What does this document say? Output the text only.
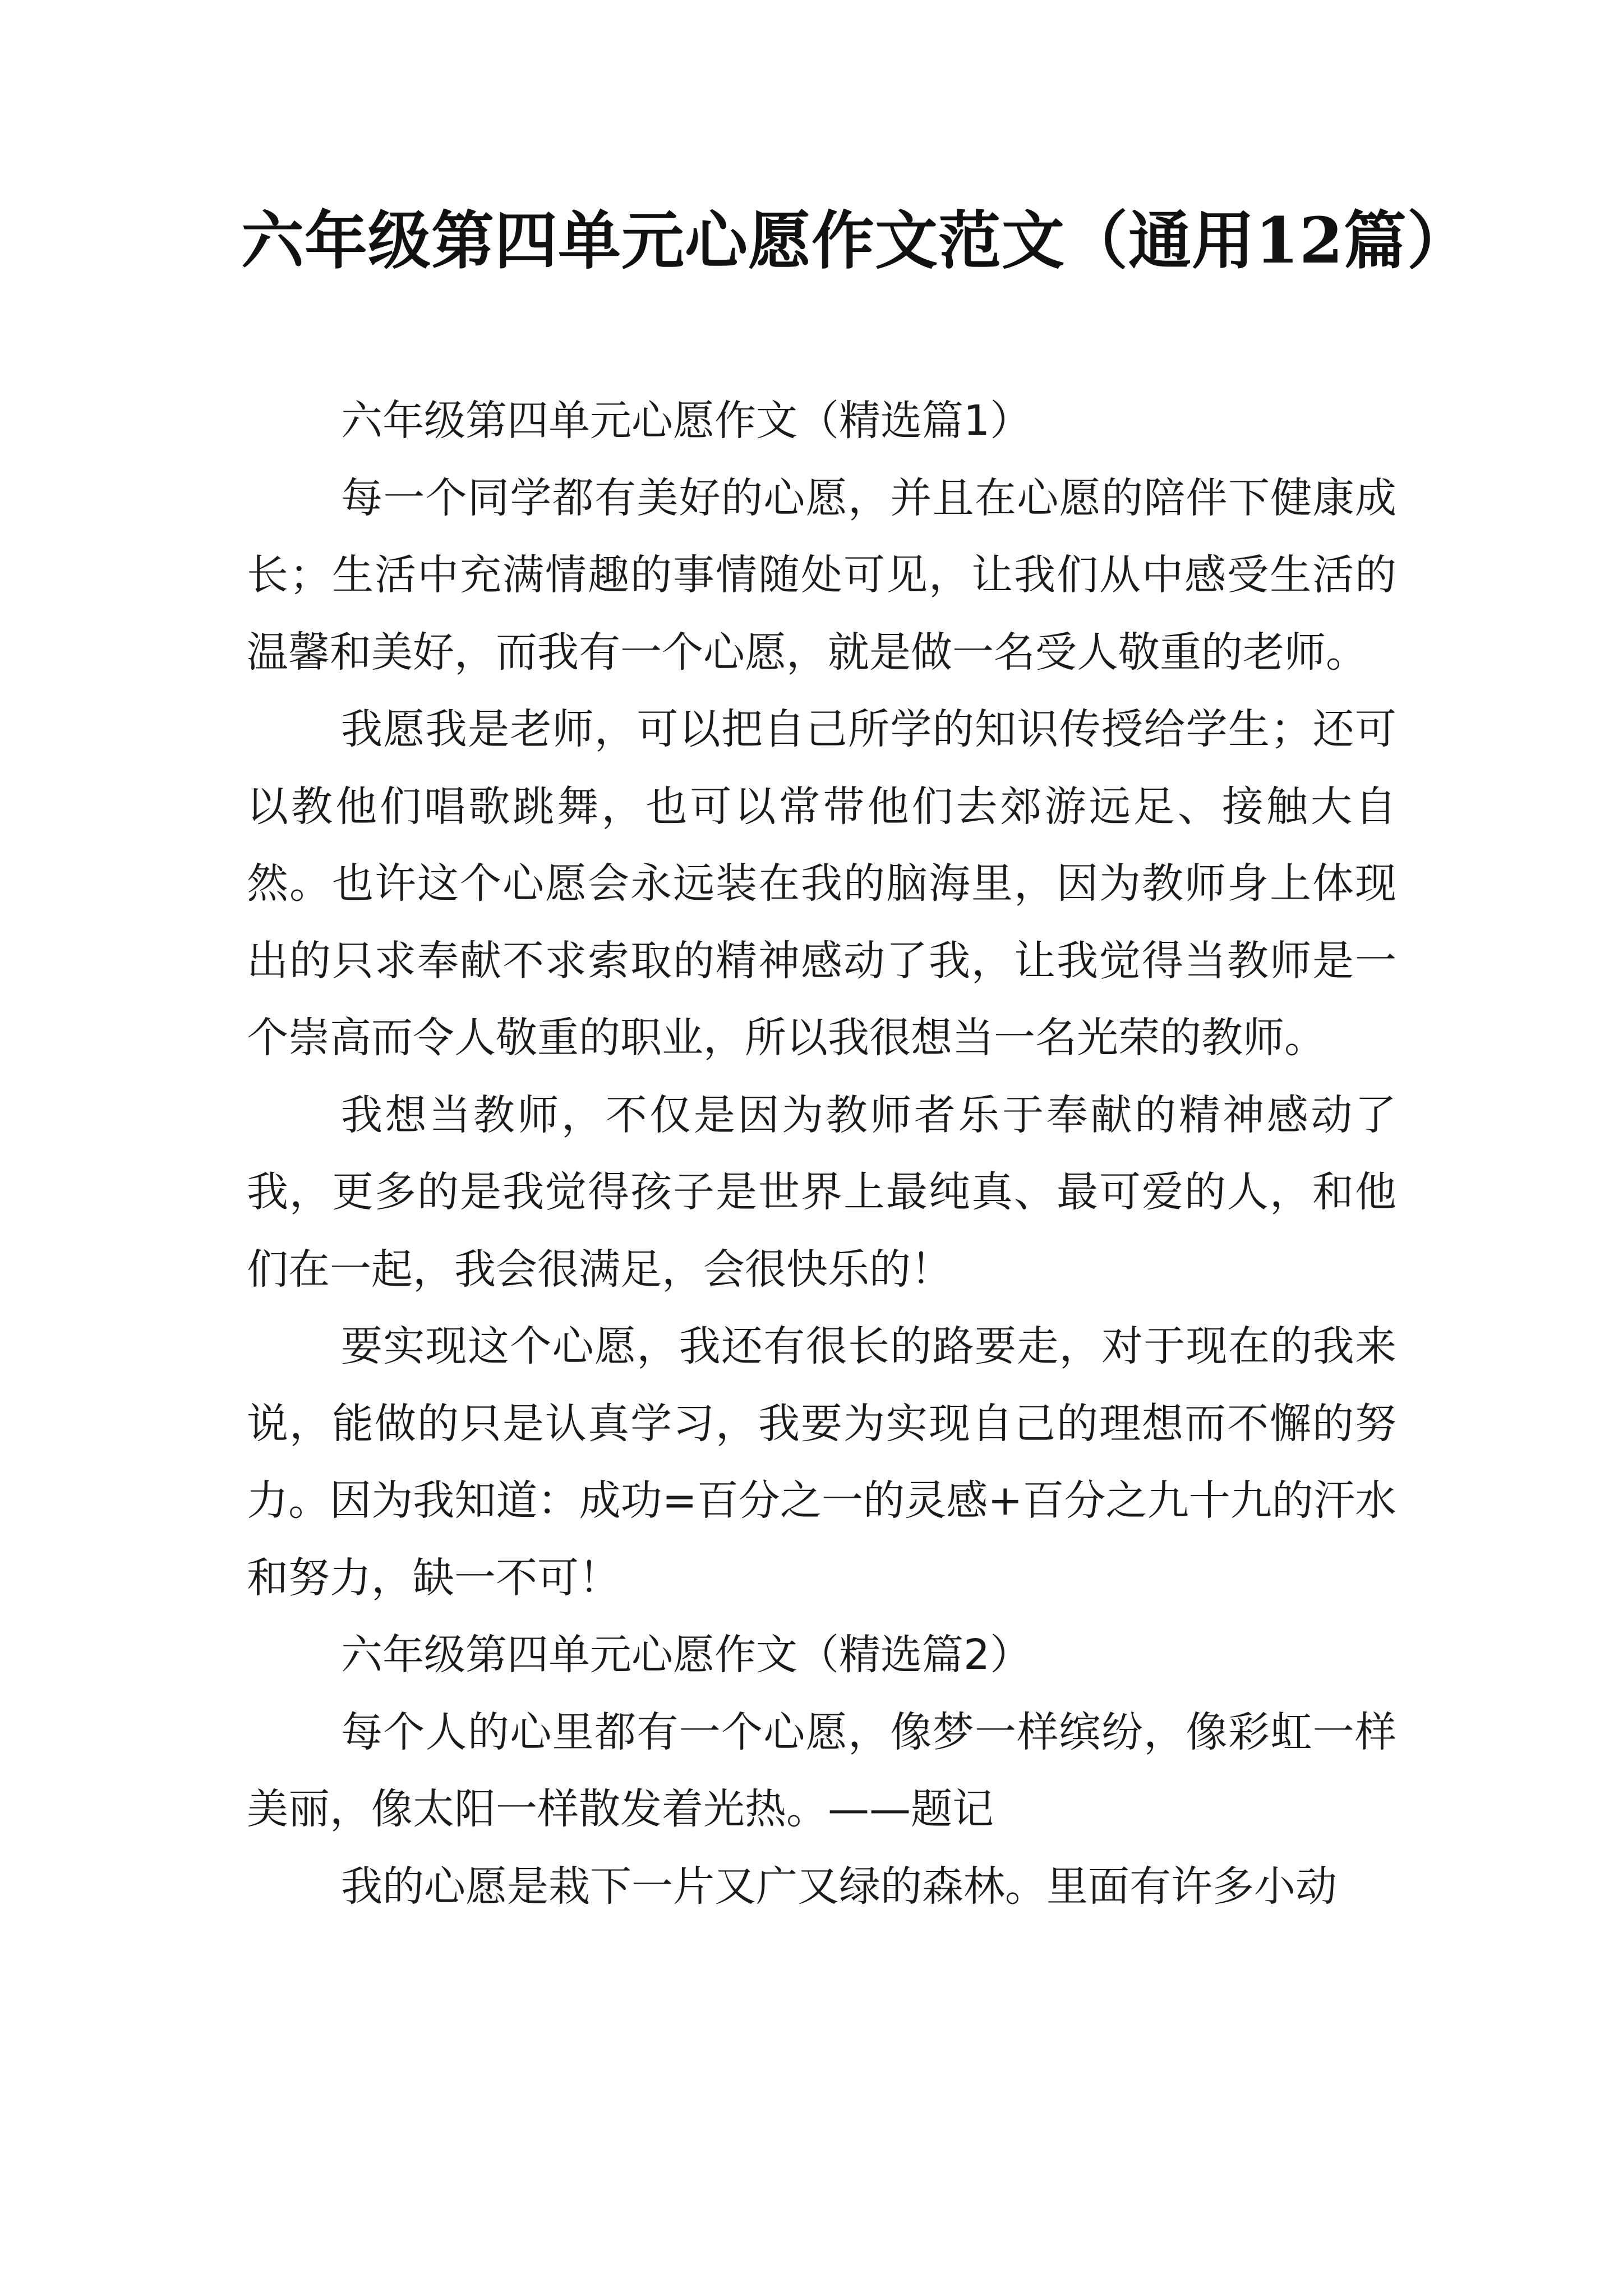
六年级第四单元心愿作文范文（通用12篇）

六年级第四单元心愿作文（精选篇1）

每一个同学都有美好的心愿，并且在心愿的陪伴下健康成长；生活中充满情趣的事情随处可见，让我们从中感受生活的温馨和美好，而我有一个心愿，就是做一名受人敬重的老师。

我愿我是老师，可以把自己所学的知识传授给学生；还可以教他们唱歌跳舞，也可以常带他们去郊游远足、接触大自然。也许这个心愿会永远装在我的脑海里，因为教师身上体现出的只求奉献不求索取的精神感动了我，让我觉得当教师是一个崇高而令人敬重的职业，所以我很想当一名光荣的教师。

我想当教师，不仅是因为教师者乐于奉献的精神感动了我，更多的是我觉得孩子是世界上最纯真、最可爱的人，和他们在一起，我会很满足，会很快乐的！

要实现这个心愿，我还有很长的路要走，对于现在的我来说，能做的只是认真学习，我要为实现自己的理想而不懈的努力。因为我知道：成功=百分之一的灵感+百分之九十九的汗水和努力，缺一不可！

六年级第四单元心愿作文（精选篇2）

每个人的心里都有一个心愿，像梦一样缤纷，像彩虹一样美丽，像太阳一样散发着光热。——题记

我的心愿是栽下一片又广又绿的森林。里面有许多小动
